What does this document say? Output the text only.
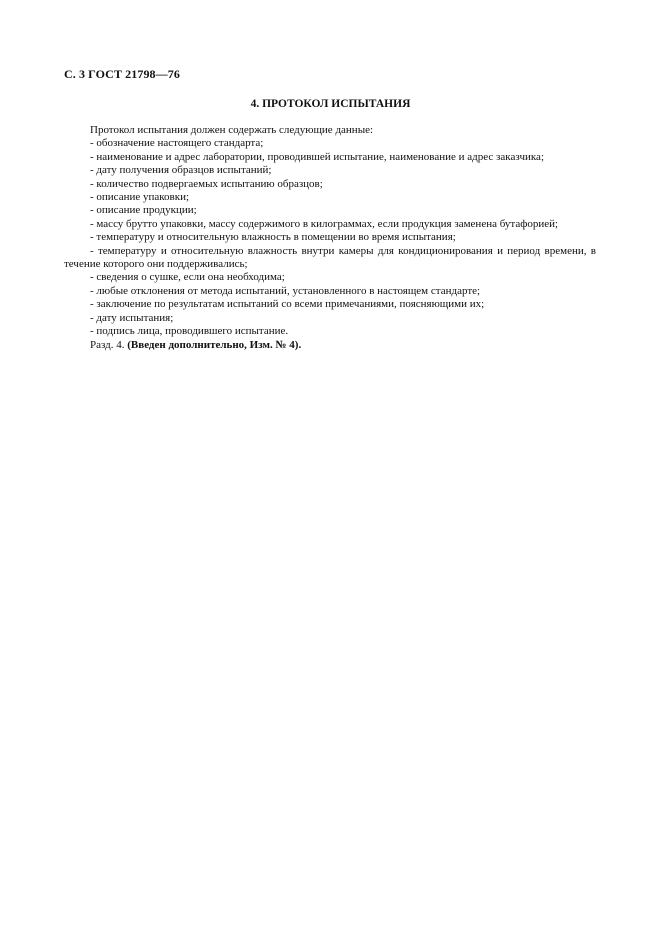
С. 3 ГОСТ 21798—76
4. ПРОТОКОЛ ИСПЫТАНИЯ

Протокол испытания должен содержать следующие данные:

- обозначение настоящего стандарта;

- наименование и адрес лаборатории, проводившей испытание, наименование и адрес заказчика;

- дату получения образцов испытаний;

- количество подвергаемых испытанию образцов;

- описание упаковки;

- описание продукции;

- массу брутто упаковки, массу содержимого в килограммах, если продукция заменена бутафорией;

- температуру и относительную влажность в помещении во время испытания;

- температуру и относительную влажность внутри камеры для кондиционирования и период времени, в течение которого они поддерживались;

- сведения о сушке, если она необходима;

- любые отклонения от метода испытаний, установленного в настоящем стандарте;

- заключение по результатам испытаний со всеми примечаниями, поясняющими их;

- дату испытания;

- подпись лица, проводившего испытание.

Разд. 4. (Введен дополнительно, Изм. № 4).
